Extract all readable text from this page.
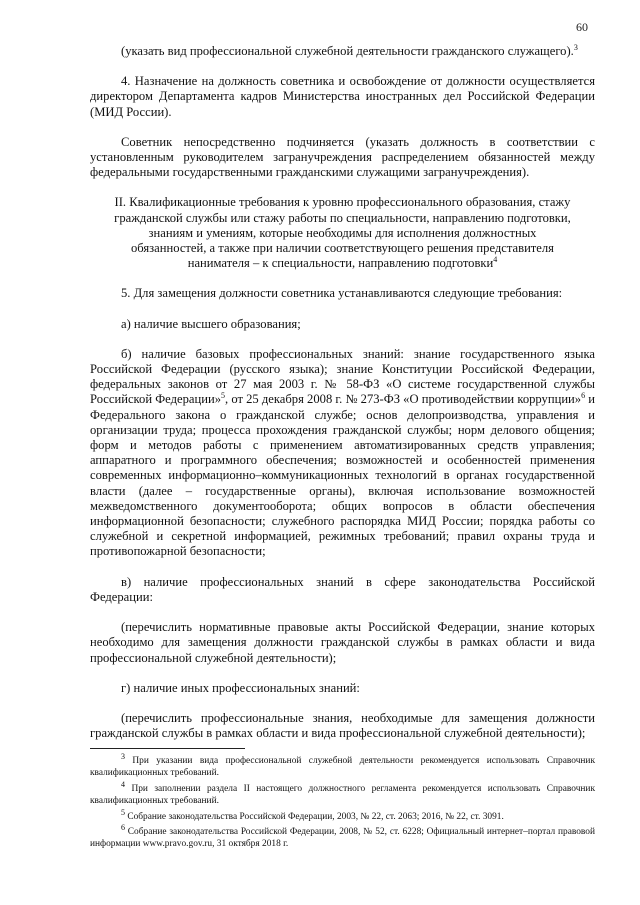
60

(указать вид профессиональной служебной деятельности гражданского служащего).$^3$

4. Назначение на должность советника и освобождение от должности осуществляется директором Департамента кадров Министерства иностранных дел Российской Федерации (МИД России).

Советник непосредственно подчиняется (указать должность в соответствии с установленным руководителем загранучреждения распределением обязанностей между федеральными государственными гражданскими служащими загранучреждения).

II. Квалификационные требования к уровню профессионального образования, стажу гражданской службы или стажу работы по специальности, направлению подготовки, знаниям и умениям, которые необходимы для исполнения должностных обязанностей, а также при наличии соответствующего решения представителя нанимателя – к специальности, направлению подготовки$^4$

5. Для замещения должности советника устанавливаются следующие требования:

а) наличие высшего образования;

б) наличие базовых профессиональных знаний: знание государственного языка Российской Федерации (русского языка); знание Конституции Российской Федерации, федеральных законов от 27 мая 2003 г. № 58-ФЗ «О системе государственной службы Российской Федерации»$^5$, от 25 декабря 2008 г. № 273-ФЗ «О противодействии коррупции»$^6$ и Федерального закона о гражданской службе; основ делопроизводства, управления и организации труда; процесса прохождения гражданской службы; норм делового общения; форм и методов работы с применением автоматизированных средств управления; аппаратного и программного обеспечения; возможностей и особенностей применения современных информационно–коммуникационных технологий в органах государственной власти (далее – государственные органы), включая использование возможностей межведомственного документооборота; общих вопросов в области обеспечения информационной безопасности; служебного распорядка МИД России; порядка работы со служебной и секретной информацией, режимных требований; правил охраны труда и противопожарной безопасности;

в) наличие профессиональных знаний в сфере законодательства Российской Федерации:

(перечислить нормативные правовые акты Российской Федерации, знание которых необходимо для замещения должности гражданской службы в рамках области и вида профессиональной служебной деятельности);

г) наличие иных профессиональных знаний:

(перечислить профессиональные знания, необходимые для замещения должности гражданской службы в рамках области и вида профессиональной служебной деятельности);

$^3$ При указании вида профессиональной служебной деятельности рекомендуется использовать Справочник квалификационных требований.

$^4$ При заполнении раздела II настоящего должностного регламента рекомендуется использовать Справочник квалификационных требований.

$^5$ Собрание законодательства Российской Федерации, 2003, № 22, ст. 2063; 2016, № 22, ст. 3091.

$^6$ Собрание законодательства Российской Федерации, 2008, № 52, ст. 6228; Официальный интернет–портал правовой информации www.pravo.gov.ru, 31 октября 2018 г.
